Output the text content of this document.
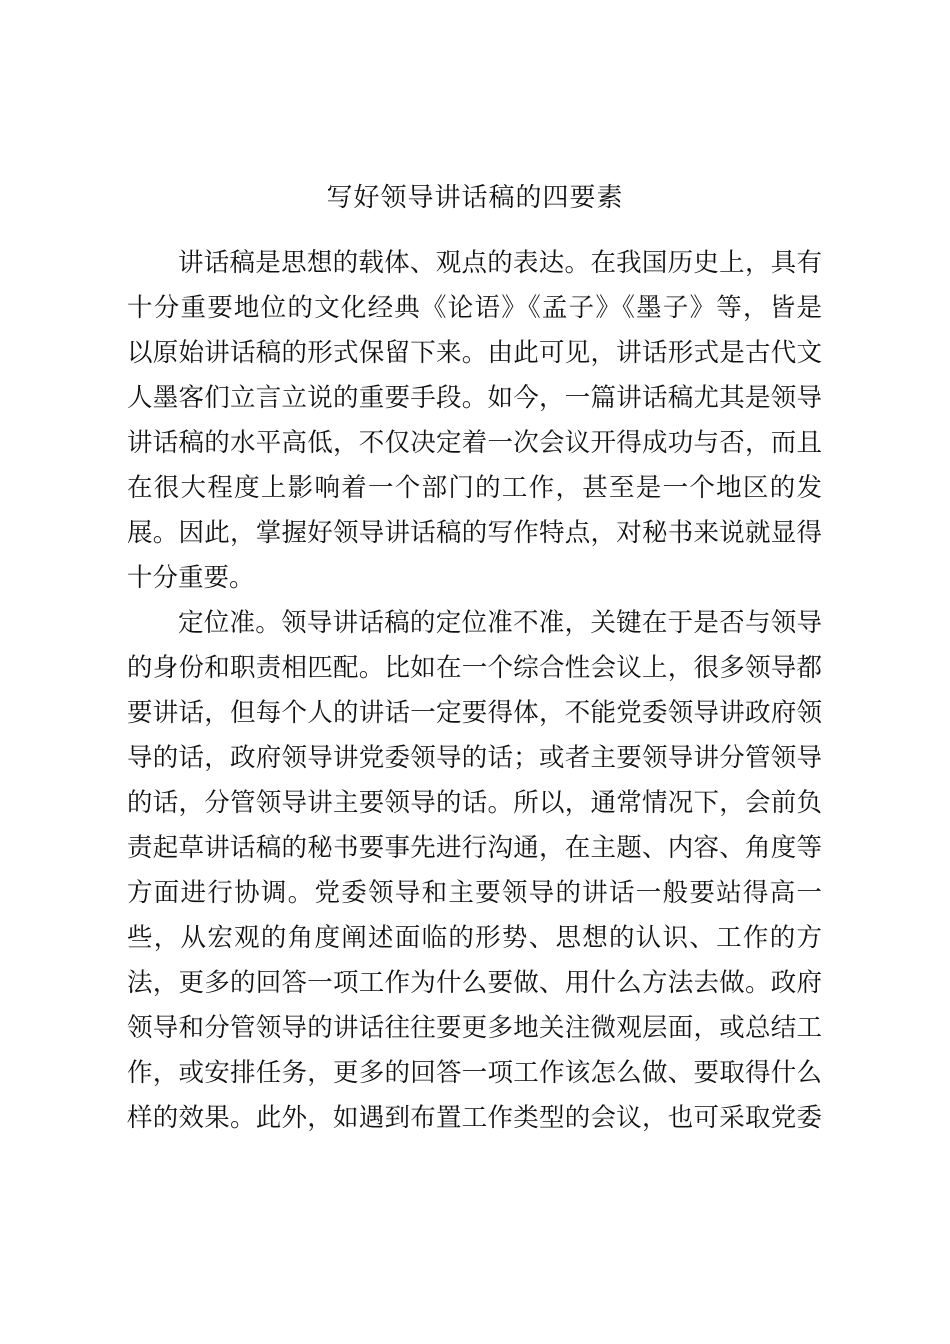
写好领导讲话稿的四要素
讲话稿是思想的载体、观点的表达。在我国历史上，具有
十分重要地位的文化经典《论语》《孟子》《墨子》等，皆是
以原始讲话稿的形式保留下来。由此可见，讲话形式是古代文
人墨客们立言立说的重要手段。如今，一篇讲话稿尤其是领导
讲话稿的水平高低，不仅决定着一次会议开得成功与否，而且
在很大程度上影响着一个部门的工作，甚至是一个地区的发
展。因此，掌握好领导讲话稿的写作特点，对秘书来说就显得
十分重要。
定位准。领导讲话稿的定位准不准，关键在于是否与领导
的身份和职责相匹配。比如在一个综合性会议上，很多领导都
要讲话，但每个人的讲话一定要得体，不能党委领导讲政府领
导的话，政府领导讲党委领导的话；或者主要领导讲分管领导
的话，分管领导讲主要领导的话。所以，通常情况下，会前负
责起草讲话稿的秘书要事先进行沟通，在主题、内容、角度等
方面进行协调。党委领导和主要领导的讲话一般要站得高一
些，从宏观的角度阐述面临的形势、思想的认识、工作的方
法，更多的回答一项工作为什么要做、用什么方法去做。政府
领导和分管领导的讲话往往要更多地关注微观层面，或总结工
作，或安排任务，更多的回答一项工作该怎么做、要取得什么
样的效果。此外，如遇到布置工作类型的会议，也可采取党委
